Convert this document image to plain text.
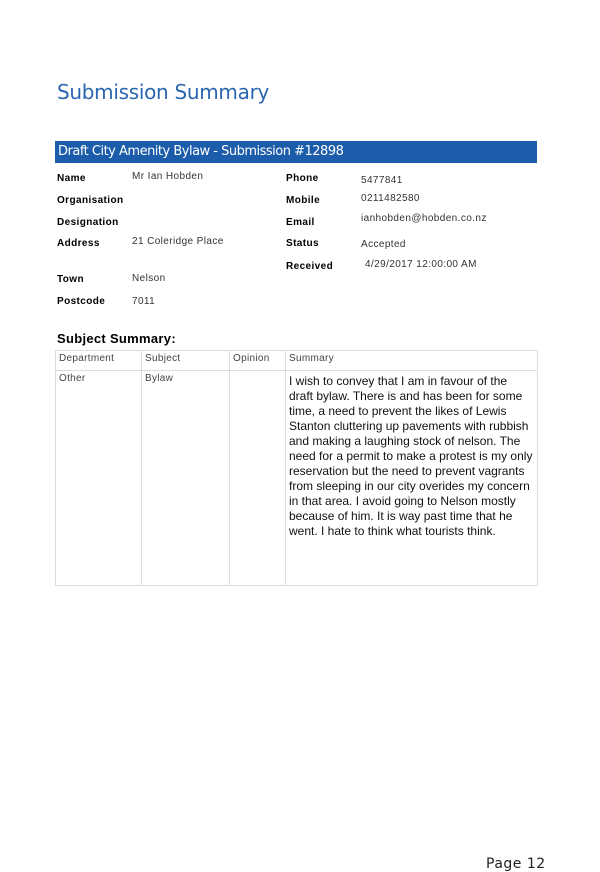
Submission Summary
Draft City Amenity Bylaw - Submission #12898
Name	Mr Ian Hobden
Organisation
Designation
Address	21 Coleridge Place
Town	Nelson
Postcode	7011
Phone	5477841
Mobile	0211482580
Email	ianhobden@hobden.co.nz
Status	Accepted
Received	4/29/2017 12:00:00 AM
Subject Summary:
Department	Subject	Opinion	Summary
Other	Bylaw		I wish to convey that I am in favour of the draft bylaw. There is and has been for some time, a need to prevent the likes of Lewis Stanton cluttering up pavements with rubbish and making a laughing stock of nelson. The need for a permit to make a protest is my only reservation but the need to prevent vagrants from sleeping in our city overides my concern in that area. I avoid going to Nelson mostly because of him. It is way past time that he went. I hate to think what tourists think.
Page 12
